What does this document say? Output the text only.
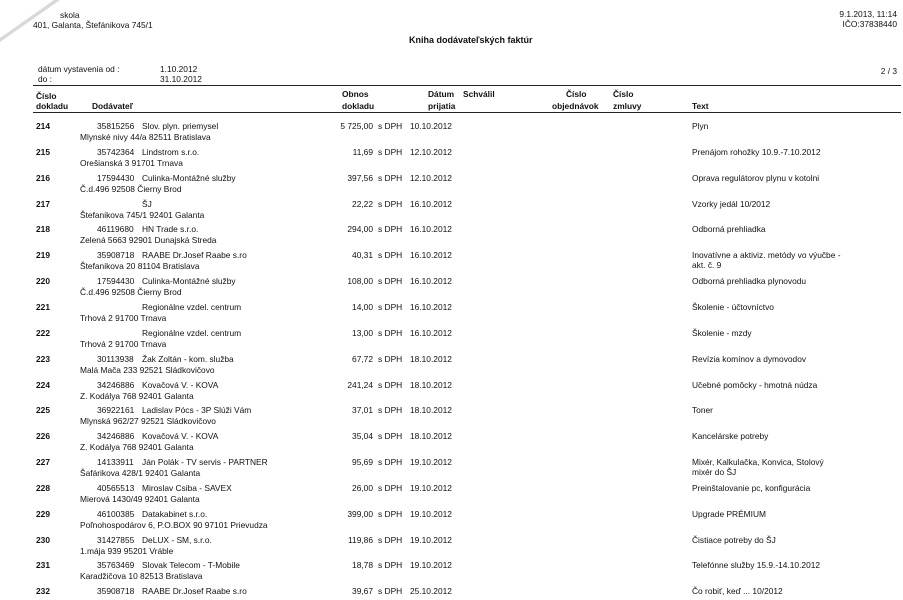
skola
401, Galanta, Štefánikova 745/1
Kniha dodávateľských faktúr
9.1.2013, 11:14
IČO:37838440
dátum vystavenia od :	1.10.2012
do :	31.10.2012
2 / 3
Číslo
dokladu	Dodávateľ
Obnos
dokladu
Dátum
prijatia
Schválil	Číslo
objednávok
Číslo
zmluvy	Text
214	35815256 Slov. plyn. priemysel	5 725,00 s DPH 10.10.2012	Plyn
Mlynské nivy 44/a 82511 Bratislava
215	35742364 Lindstrom s.r.o.	11,69 s DPH 12.10.2012	Prenájom rohožky 10.9.-7.10.2012
Orešianská 3 91701 Trnava
216	17594430 Culinka-Montážné služby	397,56 s DPH 12.10.2012	Oprava regulátorov plynu v kotolni
Č.d.496 92508 Čierny Brod
217	ŠJ	22,22 s DPH 16.10.2012	Vzorky jedál 10/2012
Štefanikova 745/1 92401 Galanta
218	46119680 HN Trade s.r.o.	294,00 s DPH 16.10.2012	Odborná prehliadka
Zelená 5663 92901 Dunajská Streda
219	35908718 RAABE Dr.Josef Raabe s.ro	40,31 s DPH 16.10.2012	Inovatívne a aktiviz. metódy vo výučbe -
akt. č. 9
Štefanikova 20 81104 Bratislava
220	17594430 Culinka-Montážné služby	108,00 s DPH 16.10.2012	Odborná prehliadka plynovodu
Č.d.496 92508 Čierny Brod
221	Regionálne vzdel. centrum	14,00 s DPH 16.10.2012	Školenie - účtovníctvo
Trhová 2 91700 Trnava
222	Regionálne vzdel. centrum	13,00 s DPH 16.10.2012	Školenie - mzdy
Trhová 2 91700 Trnava
223	30113938 Žak Zoltán - kom. služba	67,72 s DPH 18.10.2012	Revízia komínov a dymovodov
Malá Mača 233 92521 Sládkovičovo
224	34246886 Kovačová V. - KOVA	241,24 s DPH 18.10.2012	Učebné pomôcky - hmotná núdza
Z. Kodálya 768 92401 Galanta
225	36922161 Ladislav Pócs - 3P Slúži Vám	37,01 s DPH 18.10.2012	Toner
Mlynská 962/27 92521 Sládkovičovo
226	34246886 Kovačová V. - KOVA	35,04 s DPH 18.10.2012	Kancelárske potreby
Z. Kodálya 768 92401 Galanta
227	14133911 Ján Polák - TV servis - PARTNER	95,69 s DPH 19.10.2012	Mixér, Kalkulačka, Konvica, Stolový
mixér do ŠJ
Šafárikova 428/1 92401 Galanta
228	40565513 Miroslav Csiba - SAVEX	26,00 s DPH 19.10.2012	Preinštalovanie pc, konfigurácia
Mierová 1430/49 92401 Galanta
229	46100385 Datakabinet s.r.o.	399,00 s DPH 19.10.2012	Upgrade PRÉMIUM
Poľnohospodárov 6, P.O.BOX 90 97101 Prievudza
230	31427855 DeLUX - SM, s.r.o.	119,86 s DPH 19.10.2012	Čistiace potreby do ŠJ
1.mája 939 95201 Vráble
231	35763469 Slovak Telecom - T-Mobile	18,78 s DPH 19.10.2012	Telefónne služby 15.9.-14.10.2012
Karadžičova 10 82513 Bratislava
232	35908718 RAABE Dr.Josef Raabe s.ro	39,67 s DPH 25.10.2012	Čo robiť, keď ... 10/2012
